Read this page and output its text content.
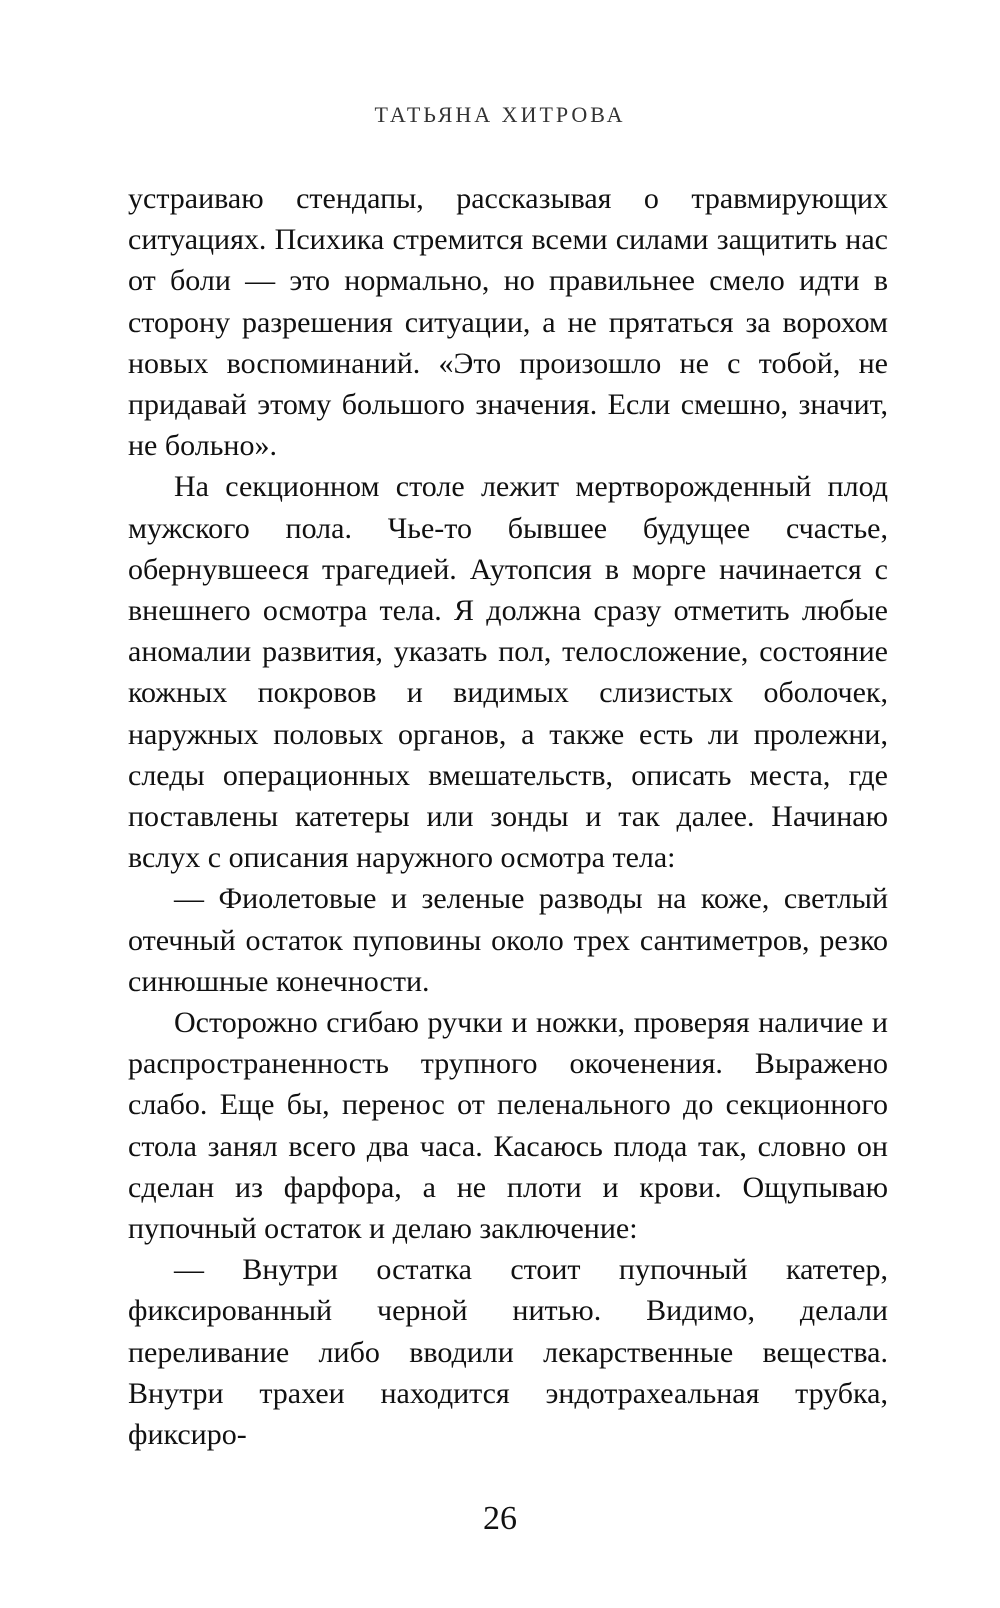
ТАТЬЯНА ХИТРОВА

устраиваю стендапы, рассказывая о травмирующих ситуациях. Психика стремится всеми силами защитить нас от боли — это нормально, но правильнее смело идти в сторону разрешения ситуации, а не прятаться за ворохом новых воспоминаний. «Это произошло не с тобой, не придавай этому большого значения. Если смешно, значит, не больно».

На секционном столе лежит мертворожденный плод мужского пола. Чье-то бывшее будущее счастье, обернувшееся трагедией. Аутопсия в морге начинается с внешнего осмотра тела. Я должна сразу отметить любые аномалии развития, указать пол, телосложение, состояние кожных покровов и видимых слизистых оболочек, наружных половых органов, а также есть ли пролежни, следы операционных вмешательств, описать места, где поставлены катетеры или зонды и так далее. Начинаю вслух с описания наружного осмотра тела:

— Фиолетовые и зеленые разводы на коже, светлый отечный остаток пуповины около трех сантиметров, резко синюшные конечности.

Осторожно сгибаю ручки и ножки, проверяя наличие и распространенность трупного окоченения. Выражено слабо. Еще бы, перенос от пеленального до секционного стола занял всего два часа. Касаюсь плода так, словно он сделан из фарфора, а не плоти и крови. Ощупываю пупочный остаток и делаю заключение:

— Внутри остатка стоит пупочный катетер, фиксированный черной нитью. Видимо, делали переливание либо вводили лекарственные вещества. Внутри трахеи находится эндотрахеальная трубка, фиксиро-

26
